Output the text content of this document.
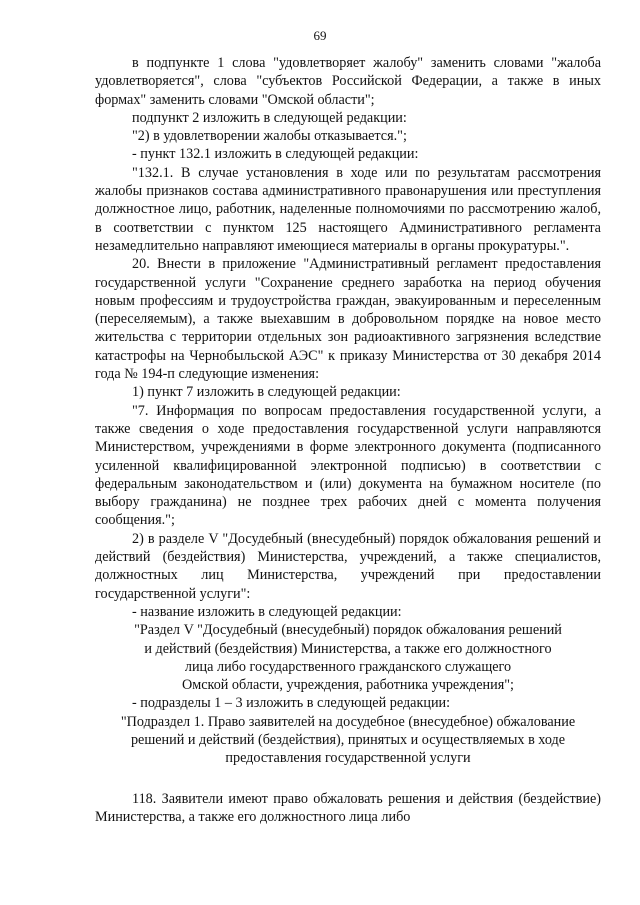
69

в подпункте 1 слова "удовлетворяет жалобу" заменить словами "жалоба удовлетворяется", слова "субъектов Российской Федерации, а также в иных формах" заменить словами "Омской области";

подпункт 2 изложить в следующей редакции:

"2) в удовлетворении жалобы отказывается.";

- пункт 132.1 изложить в следующей редакции:

"132.1. В случае установления в ходе или по результатам рассмотрения жалобы признаков состава административного правонарушения или преступления должностное лицо, работник, наделенные полномочиями по рассмотрению жалоб, в соответствии с пунктом 125 настоящего Административного регламента незамедлительно направляют имеющиеся материалы в органы прокуратуры.".

20. Внести в приложение "Административный регламент предоставления государственной услуги "Сохранение среднего заработка на период обучения новым профессиям и трудоустройства граждан, эвакуированным и переселенным (переселяемым), а также выехавшим в добровольном порядке на новое место жительства с территории отдельных зон радиоактивного загрязнения вследствие катастрофы на Чернобыльской АЭС" к приказу Министерства от 30 декабря 2014 года № 194-п следующие изменения:

1) пункт 7 изложить в следующей редакции:

"7. Информация по вопросам предоставления государственной услуги, а также сведения о ходе предоставления государственной услуги направляются Министерством, учреждениями в форме электронного документа (подписанного усиленной квалифицированной электронной подписью) в соответствии с федеральным законодательством и (или) документа на бумажном носителе (по выбору гражданина) не позднее трех рабочих дней с момента получения сообщения.";

2) в разделе V "Досудебный (внесудебный) порядок обжалования решений и действий (бездействия) Министерства, учреждений, а также специалистов, должностных лиц Министерства, учреждений при предоставлении государственной услуги":

- название изложить в следующей редакции:

"Раздел V "Досудебный (внесудебный) порядок обжалования решений

и действий (бездействия) Министерства, а также его должностного

лица либо государственного гражданского служащего

Омской области, учреждения, работника учреждения";

- подразделы 1 – 3 изложить в следующей редакции:

"Подраздел 1. Право заявителей на досудебное (внесудебное) обжалование

решений и действий (бездействия), принятых и осуществляемых в ходе

предоставления государственной услуги

118. Заявители имеют право обжаловать решения и действия (бездействие) Министерства, а также его должностного лица либо
